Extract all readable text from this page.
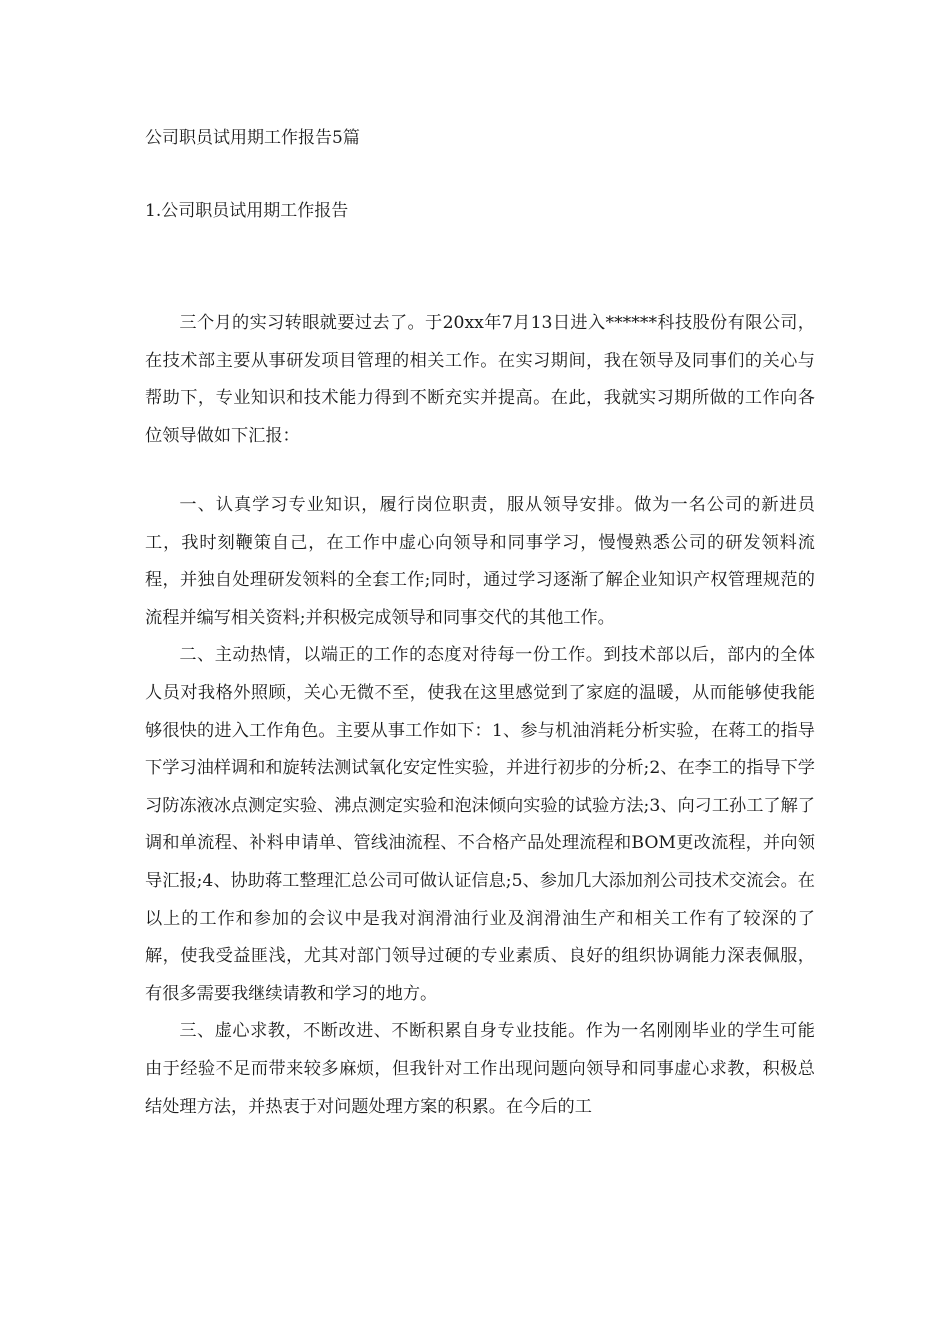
公司职员试用期工作报告5篇
1.公司职员试用期工作报告

三个月的实习转眼就要过去了。于20xx年7月13日进入******科技股份有限公司，在技术部主要从事研发项目管理的相关工作。在实习期间，我在领导及同事们的关心与帮助下，专业知识和技术能力得到不断充实并提高。在此，我就实习期所做的工作向各位领导做如下汇报：

一、认真学习专业知识，履行岗位职责，服从领导安排。做为一名公司的新进员工，我时刻鞭策自己，在工作中虚心向领导和同事学习，慢慢熟悉公司的研发领料流程，并独自处理研发领料的全套工作;同时，通过学习逐渐了解企业知识产权管理规范的流程并编写相关资料;并积极完成领导和同事交代的其他工作。

二、主动热情，以端正的工作的态度对待每一份工作。到技术部以后，部内的全体人员对我格外照顾，关心无微不至，使我在这里感觉到了家庭的温暖，从而能够使我能够很快的进入工作角色。主要从事工作如下：1、参与机油消耗分析实验，在蒋工的指导下学习油样调和和旋转法测试氧化安定性实验，并进行初步的分析;2、在李工的指导下学习防冻液冰点测定实验、沸点测定实验和泡沫倾向实验的试验方法;3、向刁工孙工了解了调和单流程、补料申请单、管线油流程、不合格产品处理流程和BOM更改流程，并向领导汇报;4、协助蒋工整理汇总公司可做认证信息;5、参加几大添加剂公司技术交流会。在以上的工作和参加的会议中是我对润滑油行业及润滑油生产和相关工作有了较深的了解，使我受益匪浅，尤其对部门领导过硬的专业素质、良好的组织协调能力深表佩服，有很多需要我继续请教和学习的地方。

三、虚心求教，不断改进、不断积累自身专业技能。作为一名刚刚毕业的学生可能由于经验不足而带来较多麻烦，但我针对工作出现问题向领导和同事虚心求教，积极总结处理方法，并热衷于对问题处理方案的积累。在今后的工
